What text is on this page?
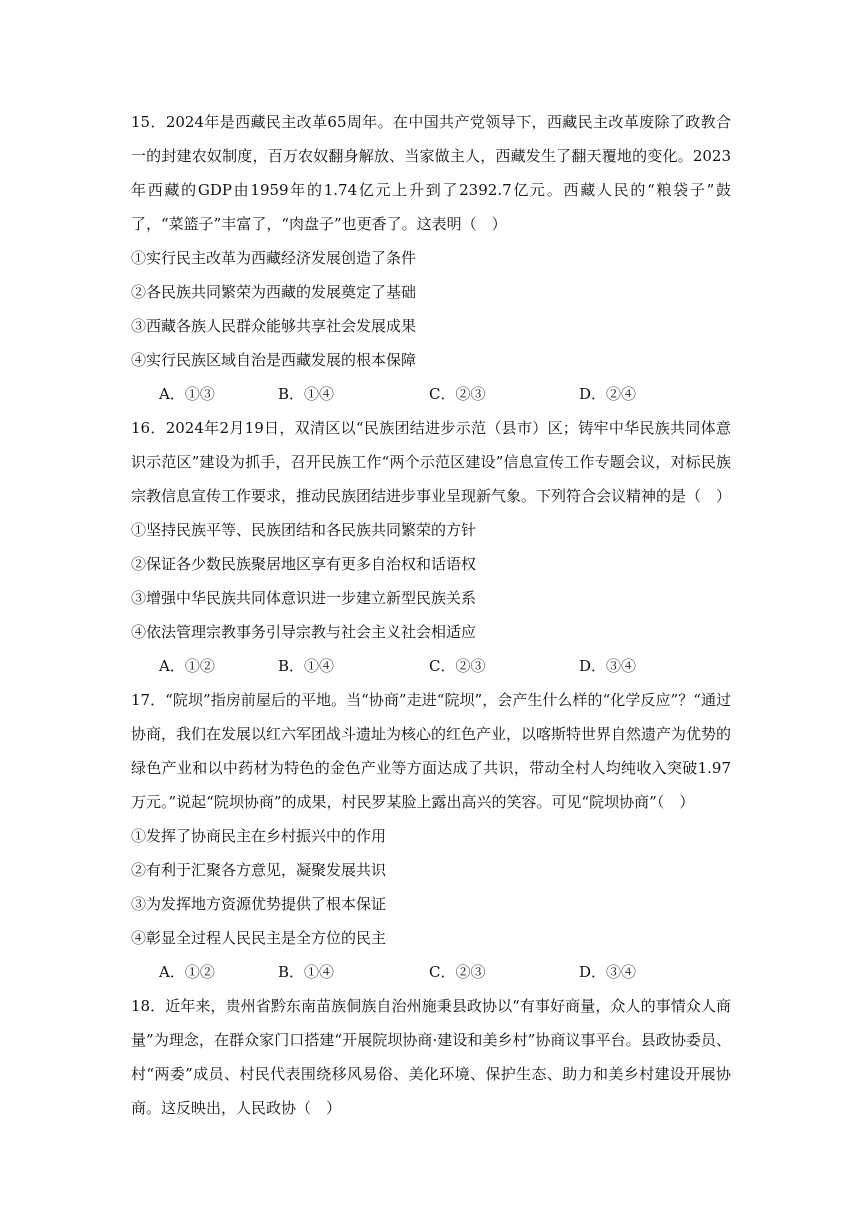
15．2024年是西藏民主改革65周年。在中国共产党领导下，西藏民主改革废除了政教合一的封建农奴制度，百万农奴翻身解放、当家做主人，西藏发生了翻天覆地的变化。2023年西藏的GDP由1959年的1.74亿元上升到了2392.7亿元。西藏人民的“粮袋子”鼓了，“菜篮子”丰富了，“肉盘子”也更香了。这表明（　）

①实行民主改革为西藏经济发展创造了条件

②各民族共同繁荣为西藏的发展奠定了基础

③西藏各族人民群众能够共享社会发展成果

④实行民族区域自治是西藏发展的根本保障

A．①③	B．①④	C．②③	D．②④

16．2024年2月19日，双清区以“民族团结进步示范（县市）区；铸牢中华民族共同体意识示范区”建设为抓手，召开民族工作“两个示范区建设”信息宣传工作专题会议，对标民族宗教信息宣传工作要求，推动民族团结进步事业呈现新气象。下列符合会议精神的是（　）

①坚持民族平等、民族团结和各民族共同繁荣的方针

②保证各少数民族聚居地区享有更多自治权和话语权

③增强中华民族共同体意识进一步建立新型民族关系

④依法管理宗教事务引导宗教与社会主义社会相适应

A．①②	B．①④	C．②③	D．③④

17．“院坝”指房前屋后的平地。当“协商”走进“院坝”，会产生什么样的“化学反应”？“通过协商，我们在发展以红六军团战斗遗址为核心的红色产业，以喀斯特世界自然遗产为优势的绿色产业和以中药材为特色的金色产业等方面达成了共识，带动全村人均纯收入突破1.97万元。”说起“院坝协商”的成果，村民罗某脸上露出高兴的笑容。可见“院坝协商”（　）

①发挥了协商民主在乡村振兴中的作用

②有利于汇聚各方意见，凝聚发展共识

③为发挥地方资源优势提供了根本保证

④彰显全过程人民民主是全方位的民主

A．①②	B．①④	C．②③	D．③④

18．近年来，贵州省黔东南苗族侗族自治州施秉县政协以“有事好商量，众人的事情众人商量”为理念，在群众家门口搭建“开展院坝协商·建设和美乡村”协商议事平台。县政协委员、村“两委”成员、村民代表围绕移风易俗、美化环境、保护生态、助力和美乡村建设开展协商。这反映出，人民政协（　）
